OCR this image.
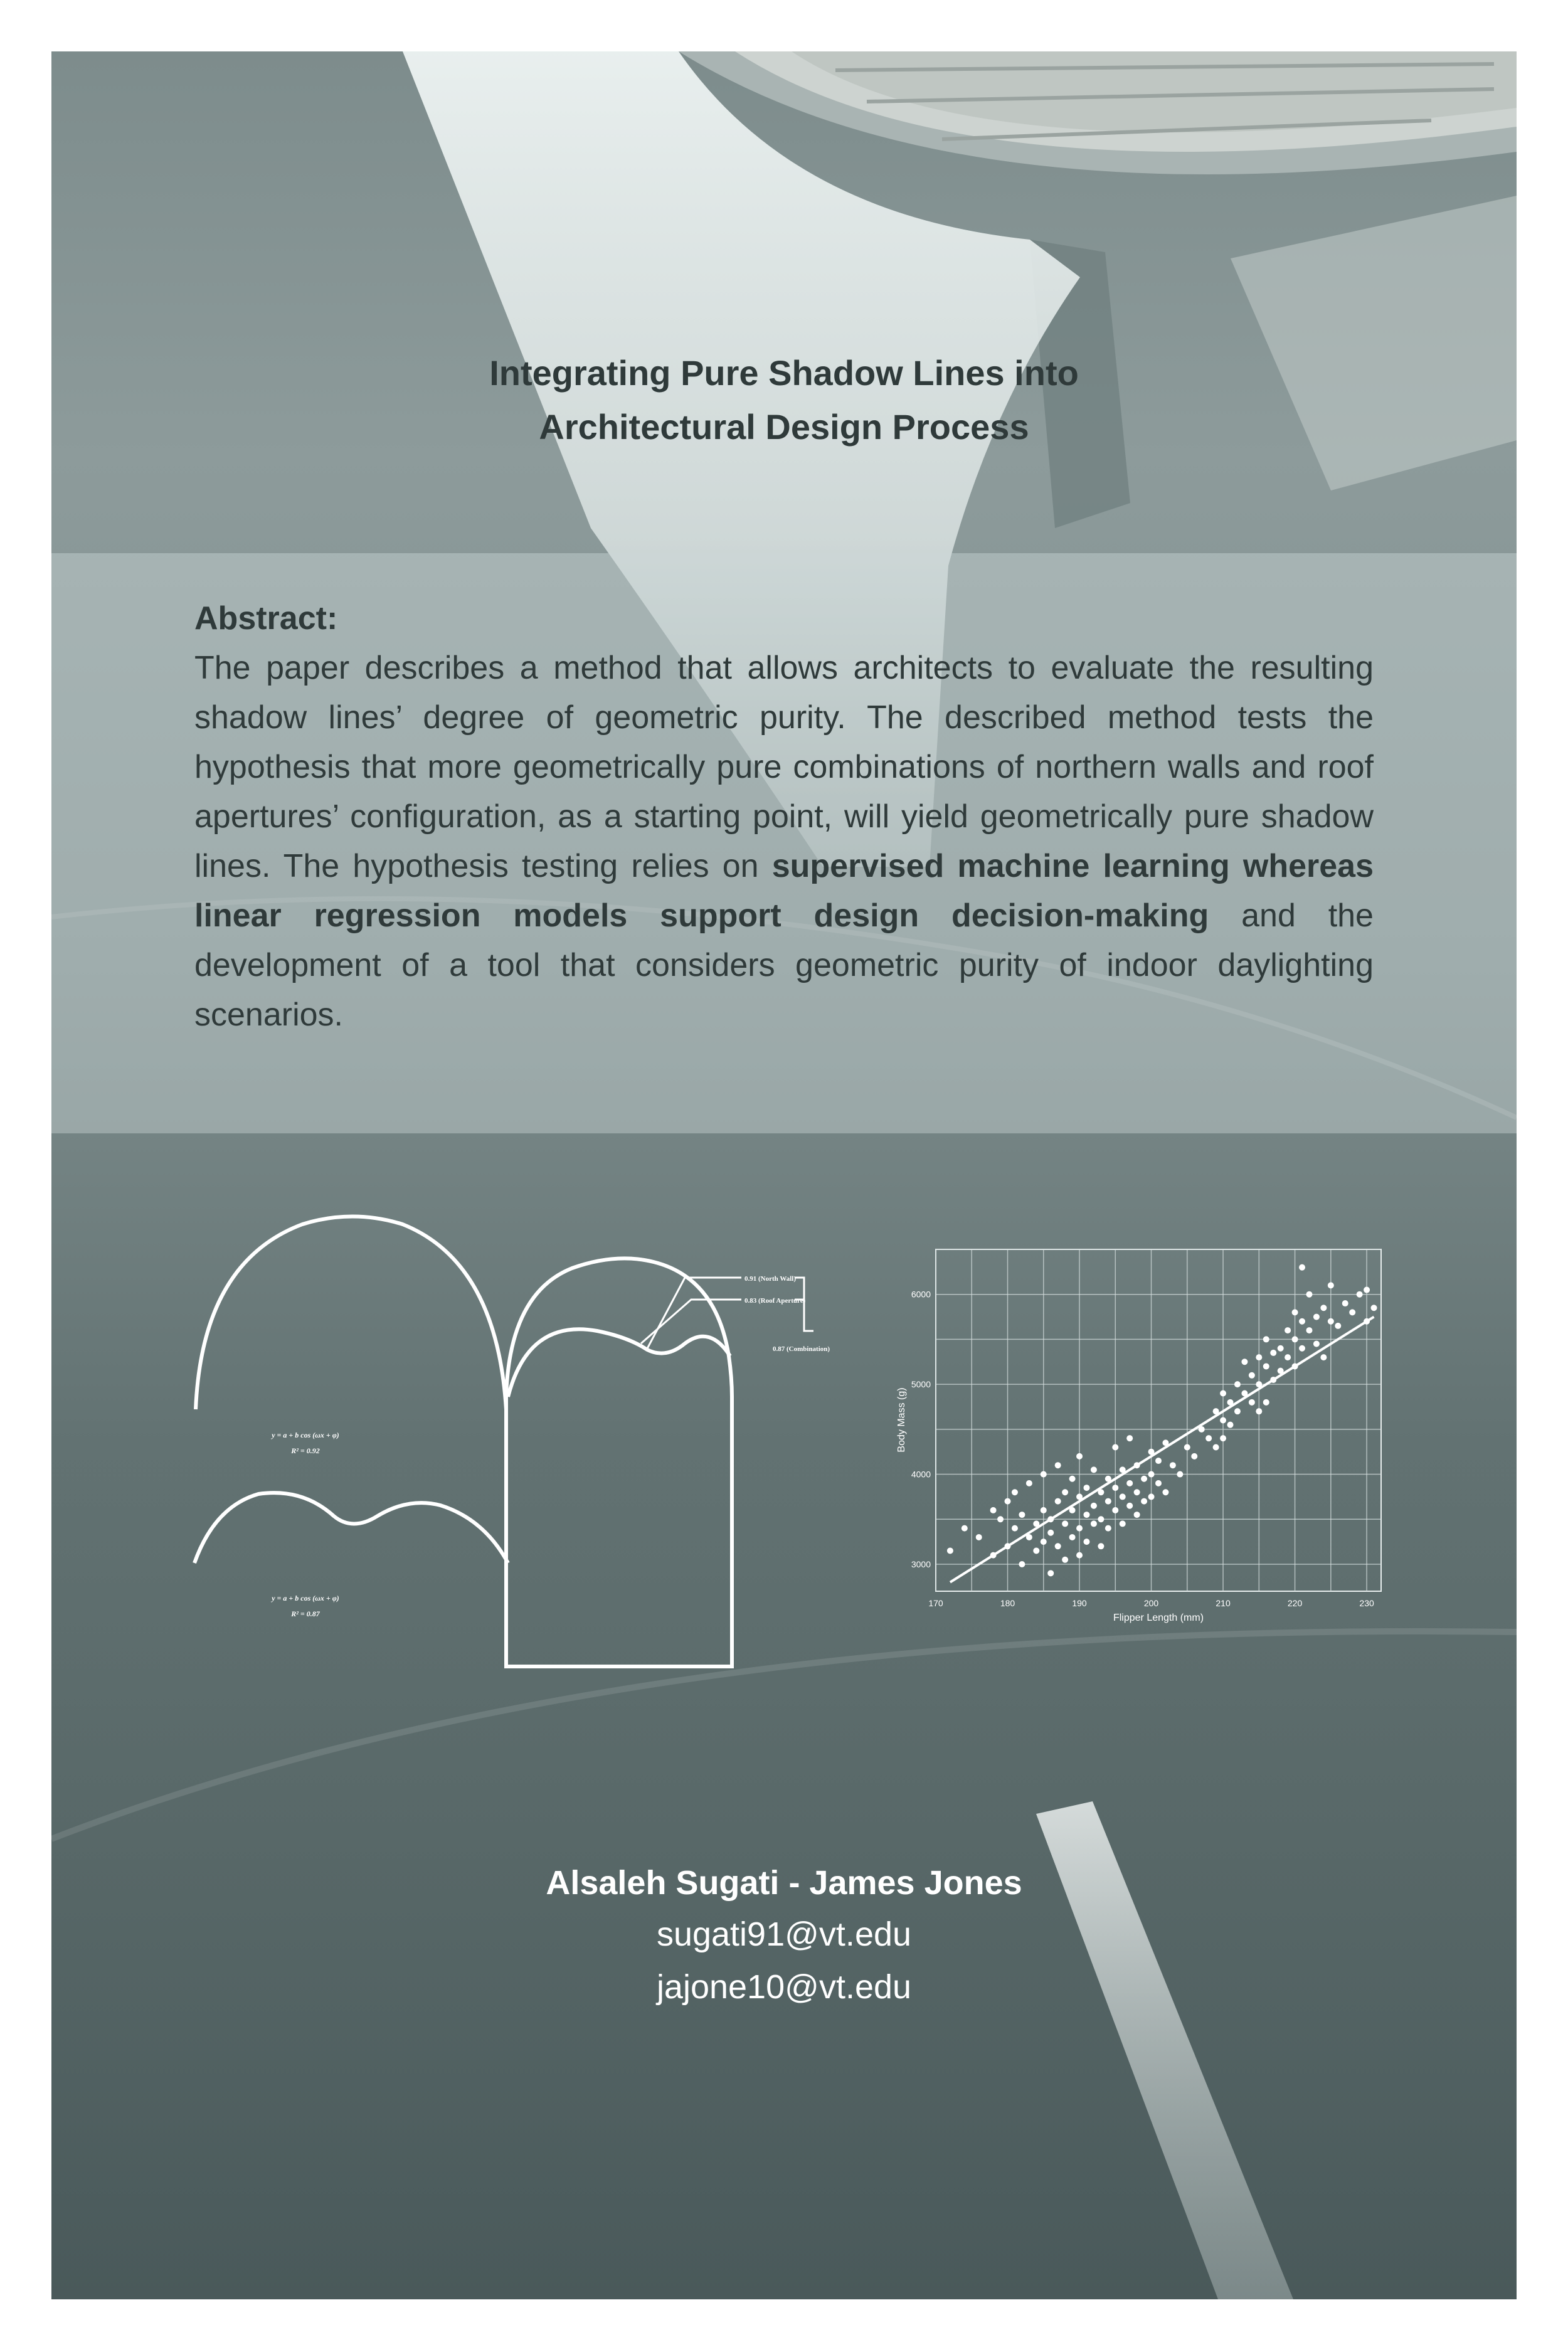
Integrating Pure Shadow Lines into
Architectural Design Process
Abstract:
The paper describes a method that allows architects to evaluate the resulting shadow lines’ degree of geometric purity. The described method tests the hypothesis that more geometrically pure combinations of northern walls and roof apertures’ configuration, as a starting point, will yield geometrically pure shadow lines. The hypothesis testing relies on supervised machine learning whereas linear regression models support design decision-making and the development of a tool that considers geometric purity of indoor daylighting scenarios.
y = a + b cos (ωx + φ)
R² = 0.92
y = a + b cos (ωx + φ)
R² = 0.87
0.91 (North Wall)
0.83 (Roof Aperture)
0.87 (Combination)
170	180	190	200	210	220	230
3000
4000
5000
6000
Flipper Length (mm)
Body Mass (g)
Alsaleh Sugati - James Jones
sugati91@vt.edu
jajone10@vt.edu
